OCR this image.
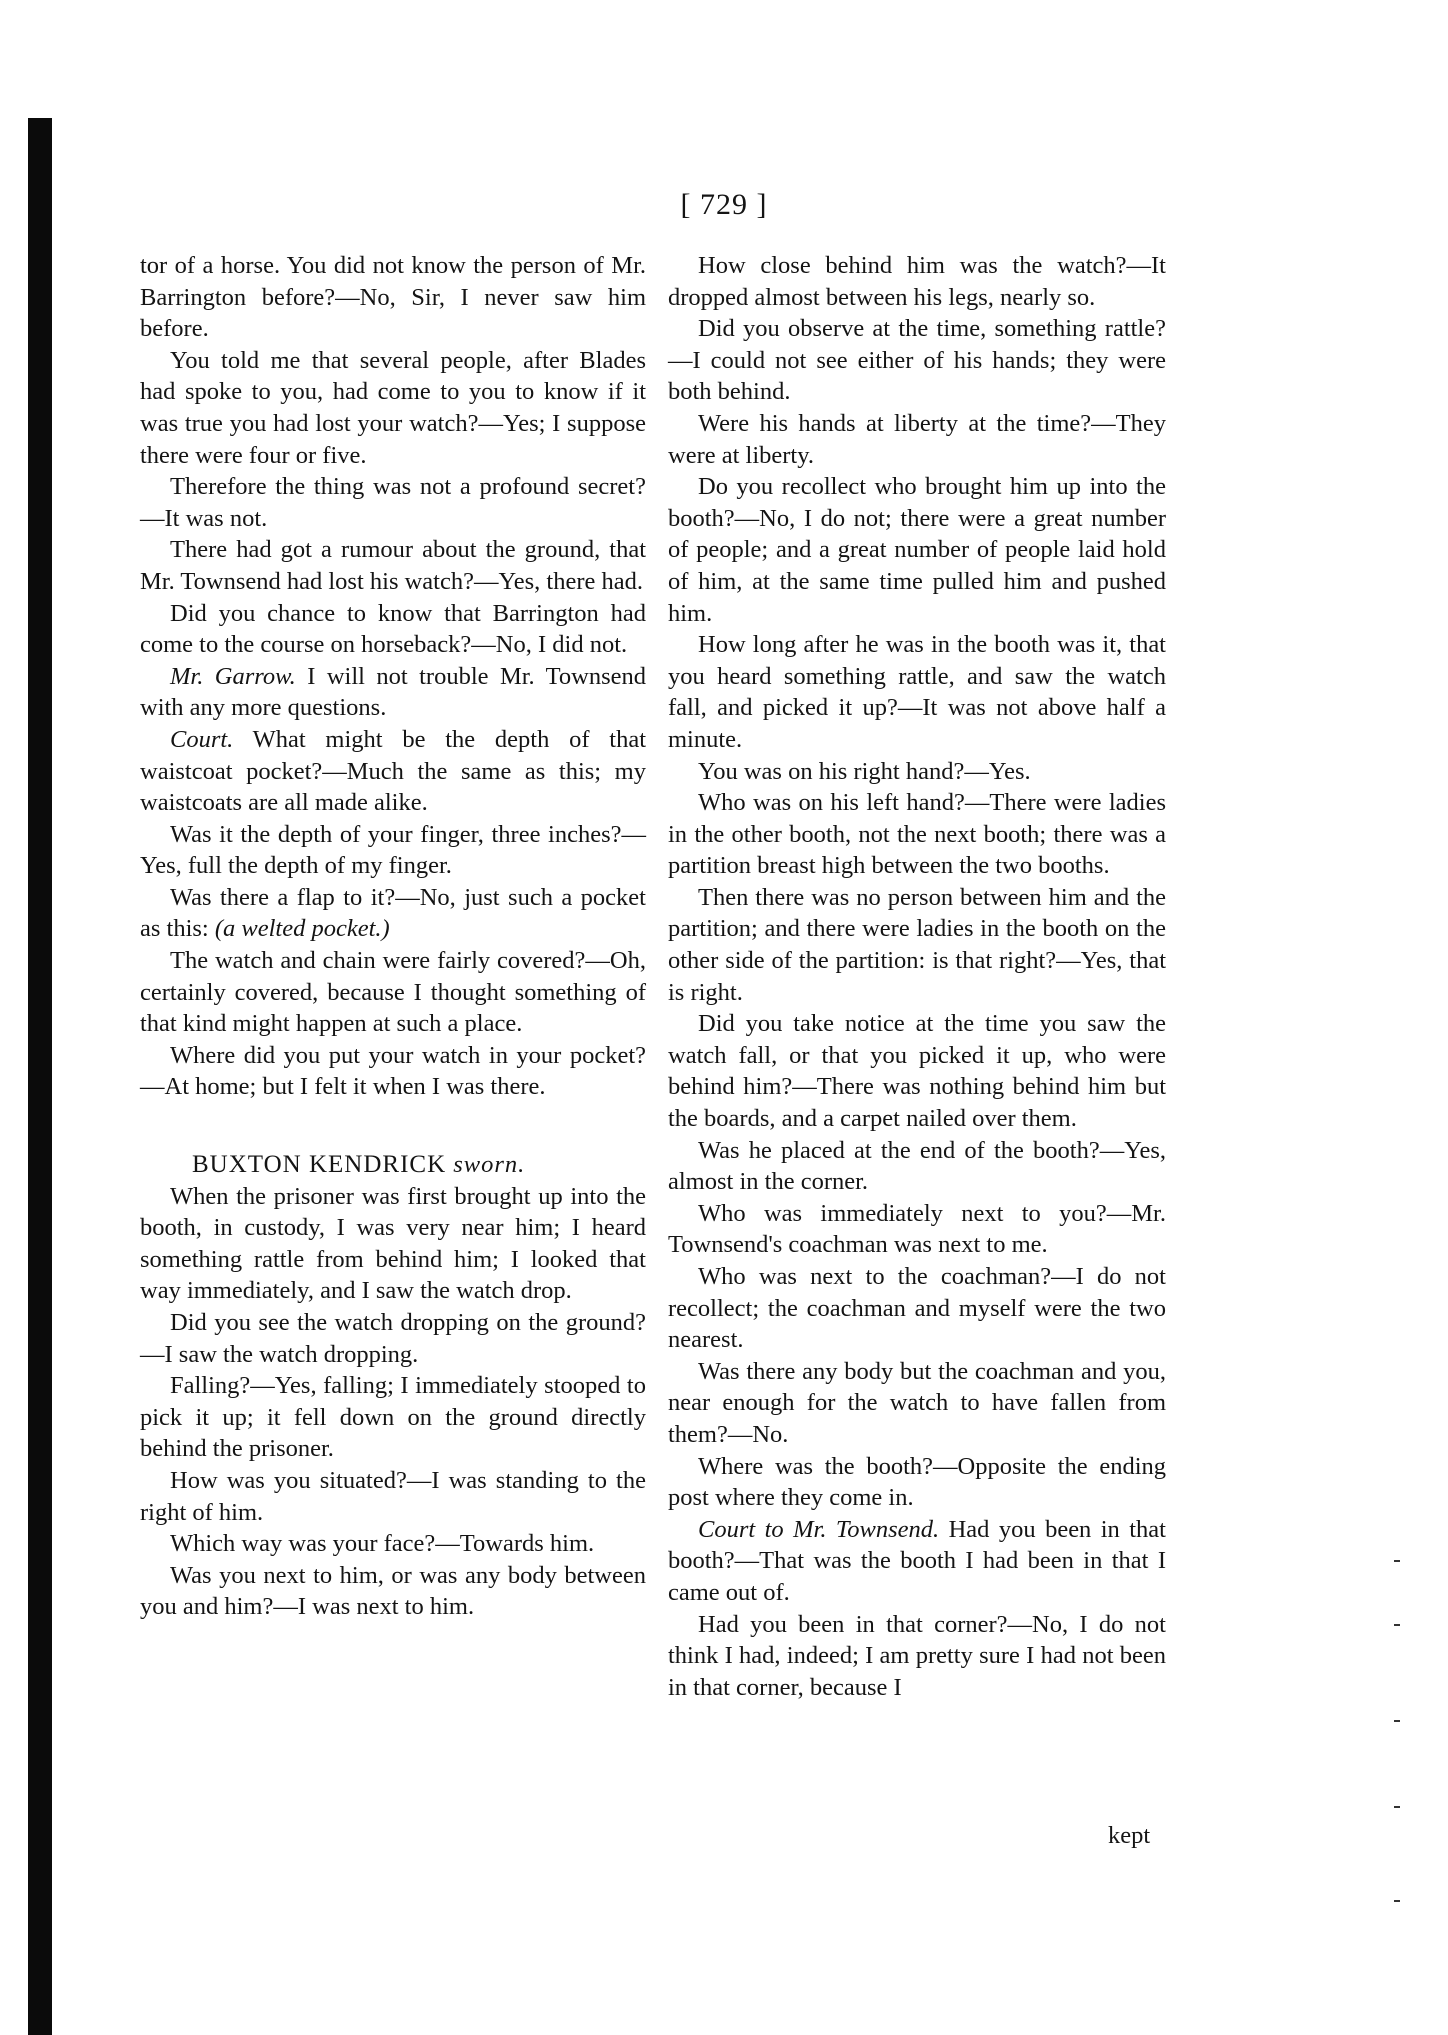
[ 729 ]

tor of a horse. You did not know the person of Mr. Barrington before?—No, Sir, I never saw him before.

You told me that several people, after Blades had spoke to you, had come to you to know if it was true you had lost your watch?—Yes; I suppose there were four or five.

Therefore the thing was not a profound secret?—It was not.

There had got a rumour about the ground, that Mr. Townsend had lost his watch?—Yes, there had.

Did you chance to know that Barrington had come to the course on horseback?—No, I did not.

Mr. Garrow. I will not trouble Mr. Townsend with any more questions.

Court. What might be the depth of that waistcoat pocket?—Much the same as this; my waistcoats are all made alike.

Was it the depth of your finger, three inches?—Yes, full the depth of my finger.

Was there a flap to it?—No, just such a pocket as this: (a welted pocket.)

The watch and chain were fairly covered?—Oh, certainly covered, because I thought something of that kind might happen at such a place.

Where did you put your watch in your pocket?—At home; but I felt it when I was there.

BUXTON KENDRICK sworn.

When the prisoner was first brought up into the booth, in custody, I was very near him; I heard something rattle from behind him; I looked that way immediately, and I saw the watch drop.

Did you see the watch dropping on the ground?—I saw the watch dropping.

Falling?—Yes, falling; I immediately stooped to pick it up; it fell down on the ground directly behind the prisoner.

How was you situated?—I was standing to the right of him.

Which way was your face?—Towards him.

Was you next to him, or was any body between you and him?—I was next to him.

How close behind him was the watch?—It dropped almost between his legs, nearly so.

Did you observe at the time, something rattle?—I could not see either of his hands; they were both behind.

Were his hands at liberty at the time?—They were at liberty.

Do you recollect who brought him up into the booth?—No, I do not; there were a great number of people; and a great number of people laid hold of him, at the same time pulled him and pushed him.

How long after he was in the booth was it, that you heard something rattle, and saw the watch fall, and picked it up?—It was not above half a minute.

You was on his right hand?—Yes.

Who was on his left hand?—There were ladies in the other booth, not the next booth; there was a partition breast high between the two booths.

Then there was no person between him and the partition; and there were ladies in the booth on the other side of the partition: is that right?—Yes, that is right.

Did you take notice at the time you saw the watch fall, or that you picked it up, who were behind him?—There was nothing behind him but the boards, and a carpet nailed over them.

Was he placed at the end of the booth?—Yes, almost in the corner.

Who was immediately next to you?—Mr. Townsend's coachman was next to me.

Who was next to the coachman?—I do not recollect; the coachman and myself were the two nearest.

Was there any body but the coachman and you, near enough for the watch to have fallen from them?—No.

Where was the booth?—Opposite the ending post where they come in.

Court to Mr. Townsend. Had you been in that booth?—That was the booth I had been in that I came out of.

Had you been in that corner?—No, I do not think I had, indeed; I am pretty sure I had not been in that corner, because I

kept
